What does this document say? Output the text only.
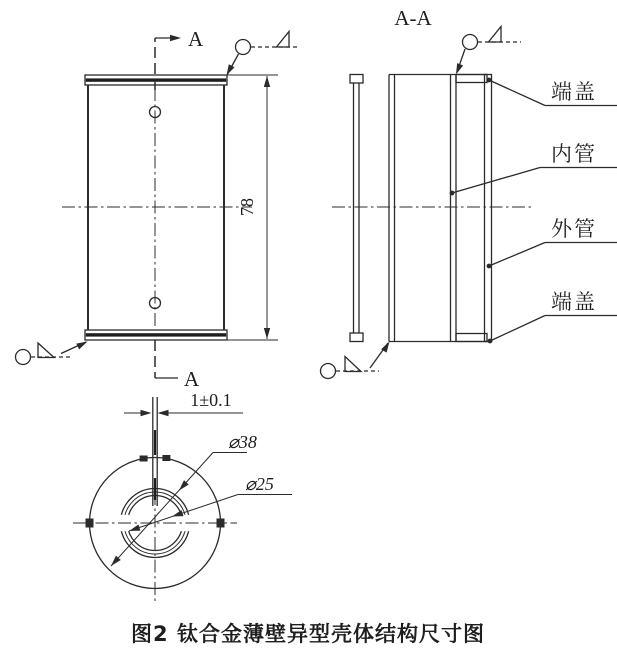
A
A
78
A-A
端盖
内管
外管
端盖
1±0.1
⌀38
⌀25
图2 钛合金薄壁异型壳体结构尺寸图
